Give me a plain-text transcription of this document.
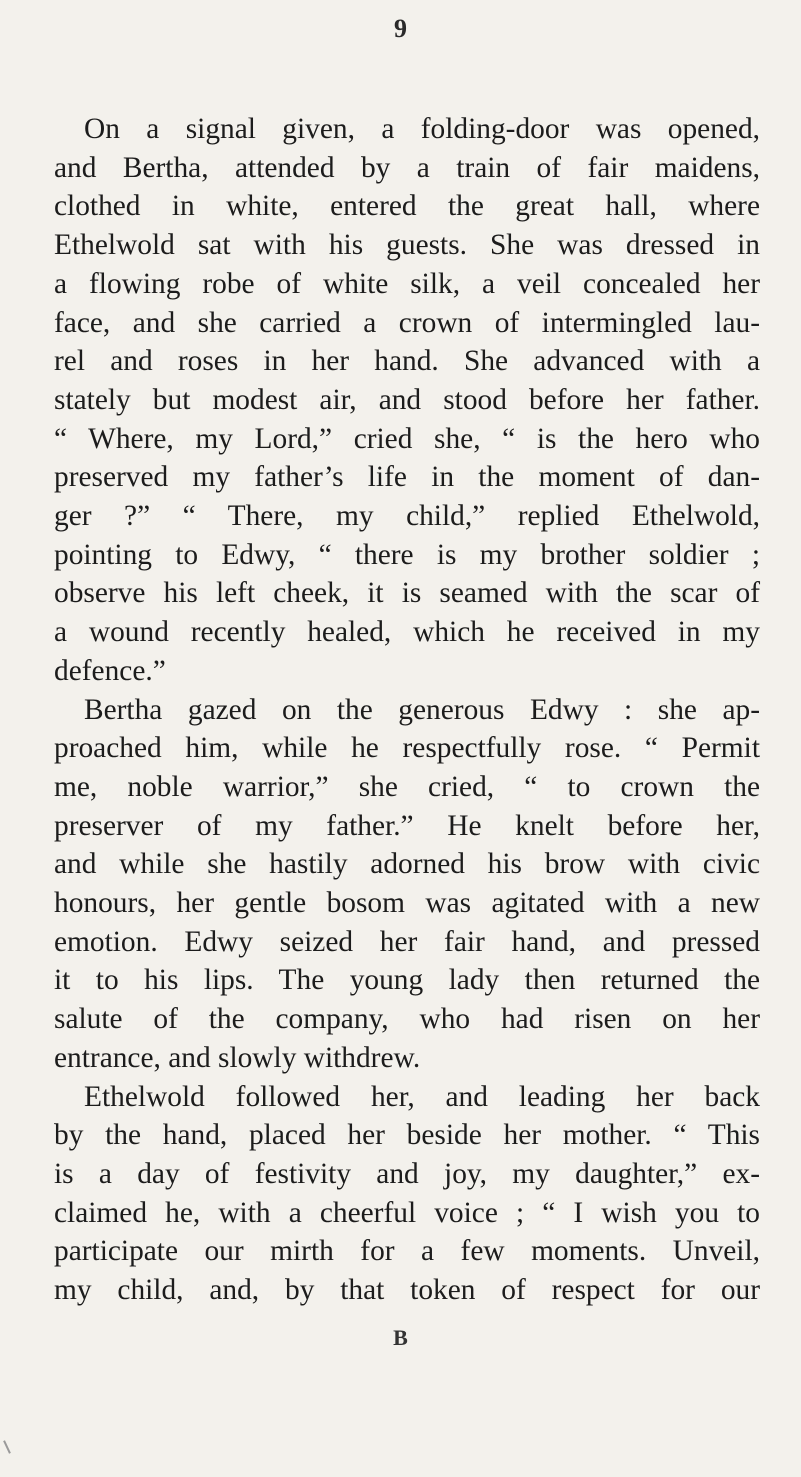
9
On a signal given, a folding-door was opened,
and Bertha, attended by a train of fair maidens,
clothed in white, entered the great hall, where
Ethelwold sat with his guests. She was dressed in
a flowing robe of white silk, a veil concealed her
face, and she carried a crown of intermingled lau-
rel and roses in her hand. She advanced with a
stately but modest air, and stood before her father.
“ Where, my Lord,” cried she, “ is the hero who
preserved my father’s life in the moment of dan-
ger ?” “ There, my child,” replied Ethelwold,
pointing to Edwy, “ there is my brother soldier ;
observe his left cheek, it is seamed with the scar of
a wound recently healed, which he received in my
defence.”
Bertha gazed on the generous Edwy : she ap-
proached him, while he respectfully rose. “ Permit
me, noble warrior,” she cried, “ to crown the
preserver of my father.” He knelt before her,
and while she hastily adorned his brow with civic
honours, her gentle bosom was agitated with a new
emotion. Edwy seized her fair hand, and pressed
it to his lips. The young lady then returned the
salute of the company, who had risen on her
entrance, and slowly withdrew.
Ethelwold followed her, and leading her back
by the hand, placed her beside her mother. “ This
is a day of festivity and joy, my daughter,” ex-
claimed he, with a cheerful voice ; “ I wish you to
participate our mirth for a few moments. Unveil,
my child, and, by that token of respect for our
B
